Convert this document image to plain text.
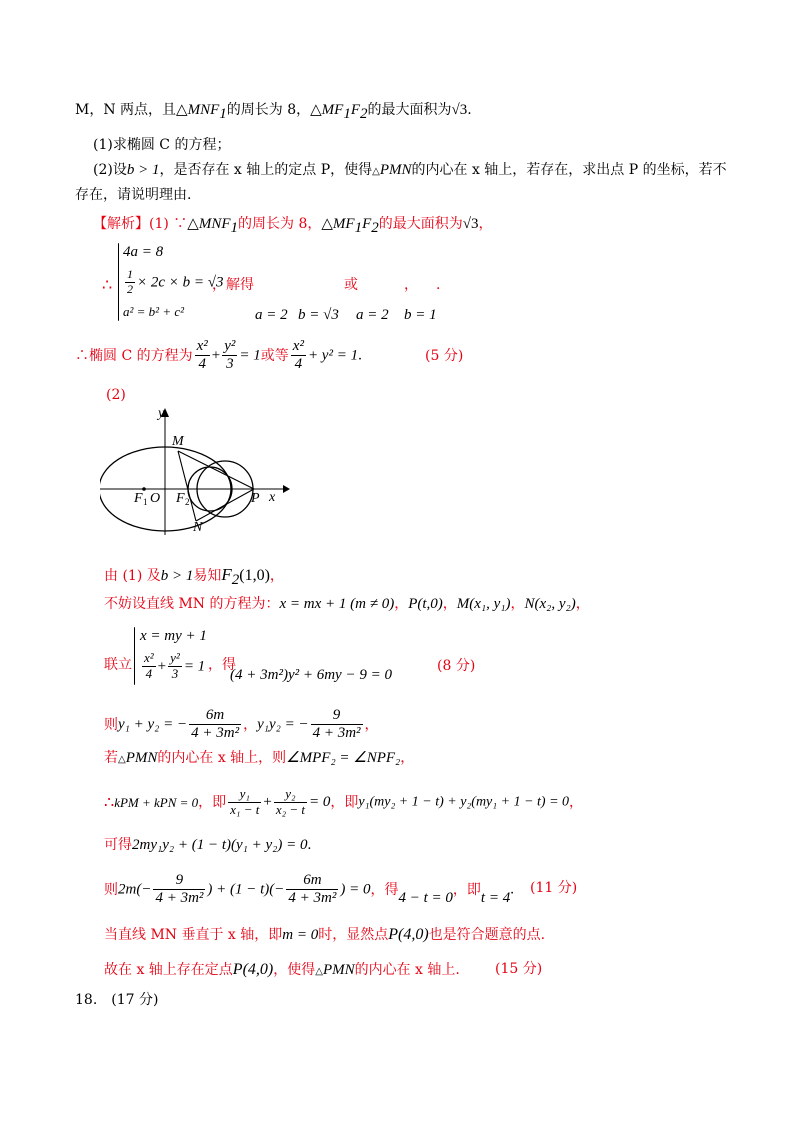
M，N 两点，且$\triangle MNF_1$的周长为 8，$\triangle MF_1F_2$的最大面积为√3.
(1)求椭圆 C 的方程；
(2)设b > 1，是否存在 x 轴上的定点 P，使得△PMN的内心在 x 轴上，若存在，求出点 P 的坐标，若不
存在，请说明理由.
【解析】(1) $\because\triangle MNF_1$的周长为 8，$\triangle MF_1F_2$的最大面积为√3，
∴
4a = 8
$\frac{1}{2} \times 2c \times b = √3$
a² = b² + c²
，解得	或	， .
a = 2 b = √3 a = 2 b = 1
∴椭圆 C 的方程为 $\frac{\text{x²}}{4} + \frac{\text{y²}}{3} = 1$或等 $\frac{\text{x²}}{4} + y^2 = 1$.	(5 分)
(2)
y
x
M
N
F 1 O F 2	P
由 (1) 及b > 1易知$F_2(1,0)$，
不妨设直线 MN 的方程为：x = mx + 1 (m ≠ 0)，P(t,0)，M(x₁, y₁)，N(x₂, y₂)，
联立
x = my + 1
$\frac{\text{x²}}{4} + \frac{\text{y²}}{3} = 1$ ，得
(4 + 3m²)y² + 6my − 9 = 0
(8 分)
则y₁ + y₂ = − $\frac{6m}{\text{4 + 3m²}}$ ，y₁y₂ = − $\frac{9}{\text{4 + 3m²}}$ ，
若△PMN的内心在 x 轴上，则∠MPF₂ = ∠NPF₂，
∴kPM + kPN = 0，即 $\frac{\text{y₁}}{\text{x₁ − t}} + \frac{\text{y₂}}{\text{x₂ − t}} = 0$，即y₁(my₂ + 1 − t) + y₂(my₁ + 1 − t) = 0，
可得2my₁y₂ + (1 − t)(y₁ + y₂) = 0.
则$2m(- \frac{9}{\text{4 + 3m²}}$ ) + $(1 - t)(- \frac{6m}{\text{4 + 3m²}}$ ) = 0，得4 − t = 0，即t = 4. (11 分)
当直线 MN 垂直于 x 轴，即m = 0时，显然点P(4,0)也是符合题意的点.
故在 x 轴上存在定点P(4,0)，使得△PMN的内心在 x 轴上.	(15 分)
18.　(17 分)
